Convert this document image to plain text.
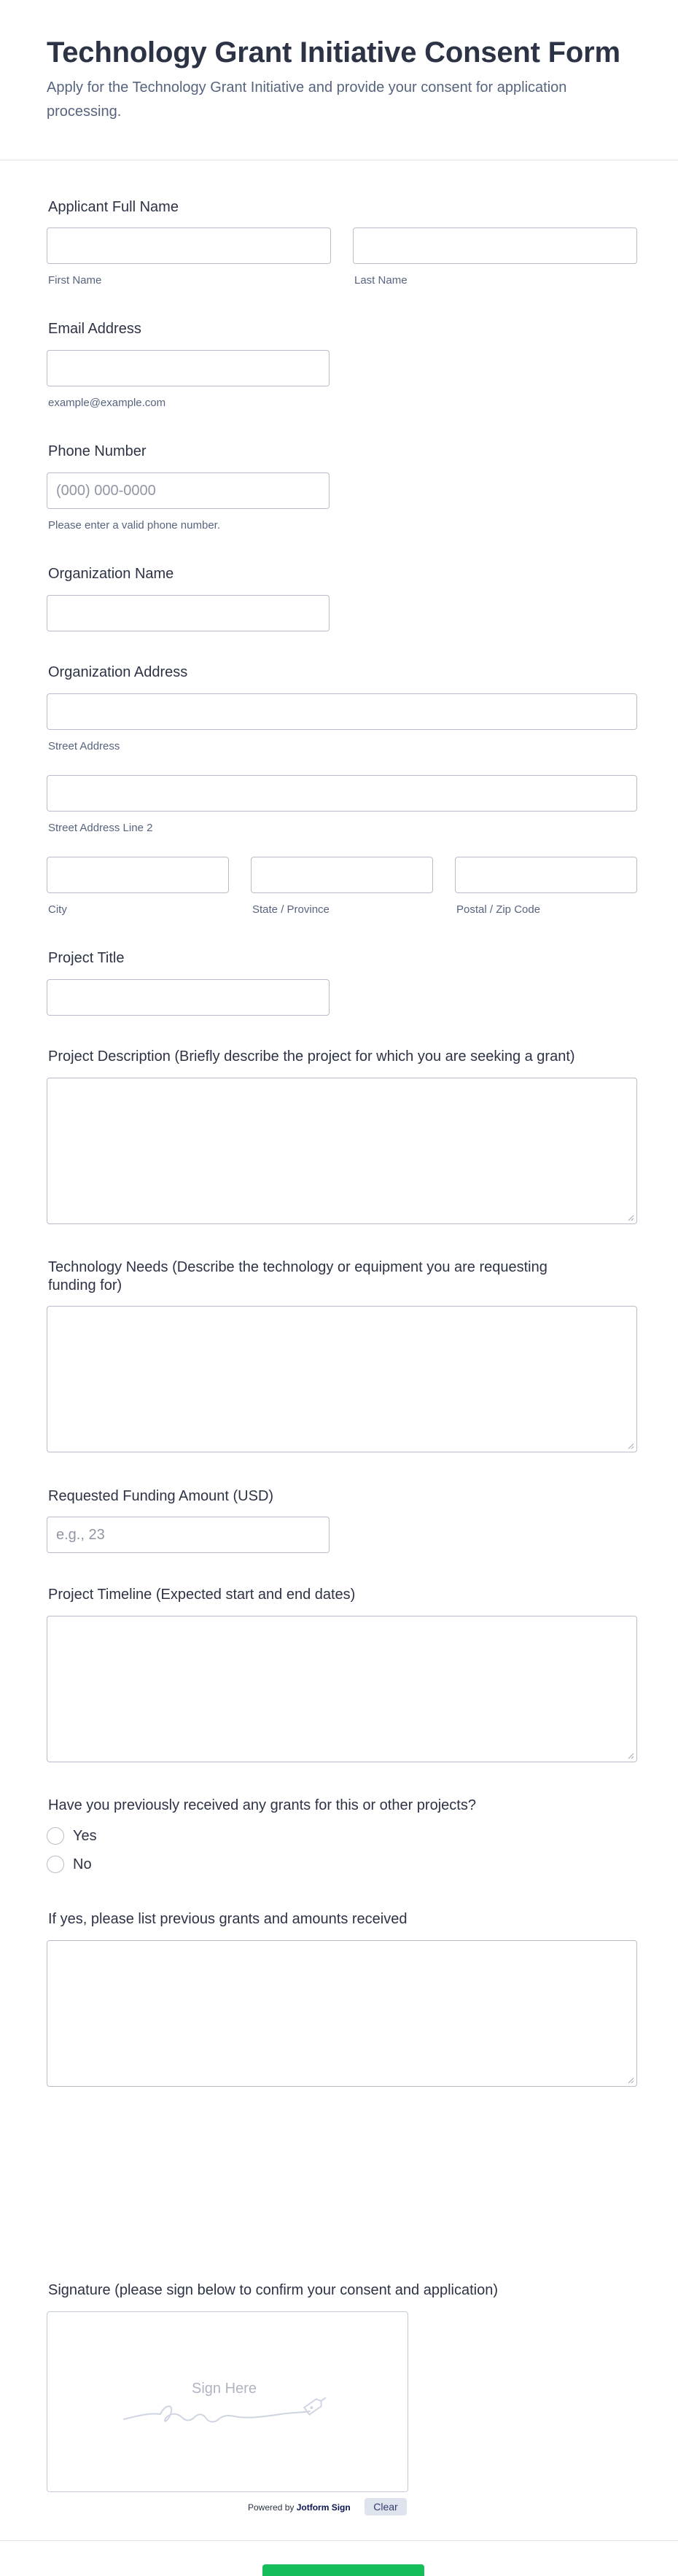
Technology Grant Initiative Consent Form
Apply for the Technology Grant Initiative and provide your consent for application processing.
Applicant Full Name
First Name	Last Name
Email Address
example@example.com
Phone Number
(000) 000-0000
Please enter a valid phone number.
Organization Name
Organization Address
Street Address
Street Address Line 2
City	State / Province	Postal / Zip Code
Project Title
Project Description (Briefly describe the project for which you are seeking a grant)
Technology Needs (Describe the technology or equipment you are requesting
funding for)
Requested Funding Amount (USD)
e.g., 23
Project Timeline (Expected start and end dates)
Have you previously received any grants for this or other projects?
Yes
No
If yes, please list previous grants and amounts received
Signature (please sign below to confirm your consent and application)
Sign Here
Powered by Jotform Sign	Clear
